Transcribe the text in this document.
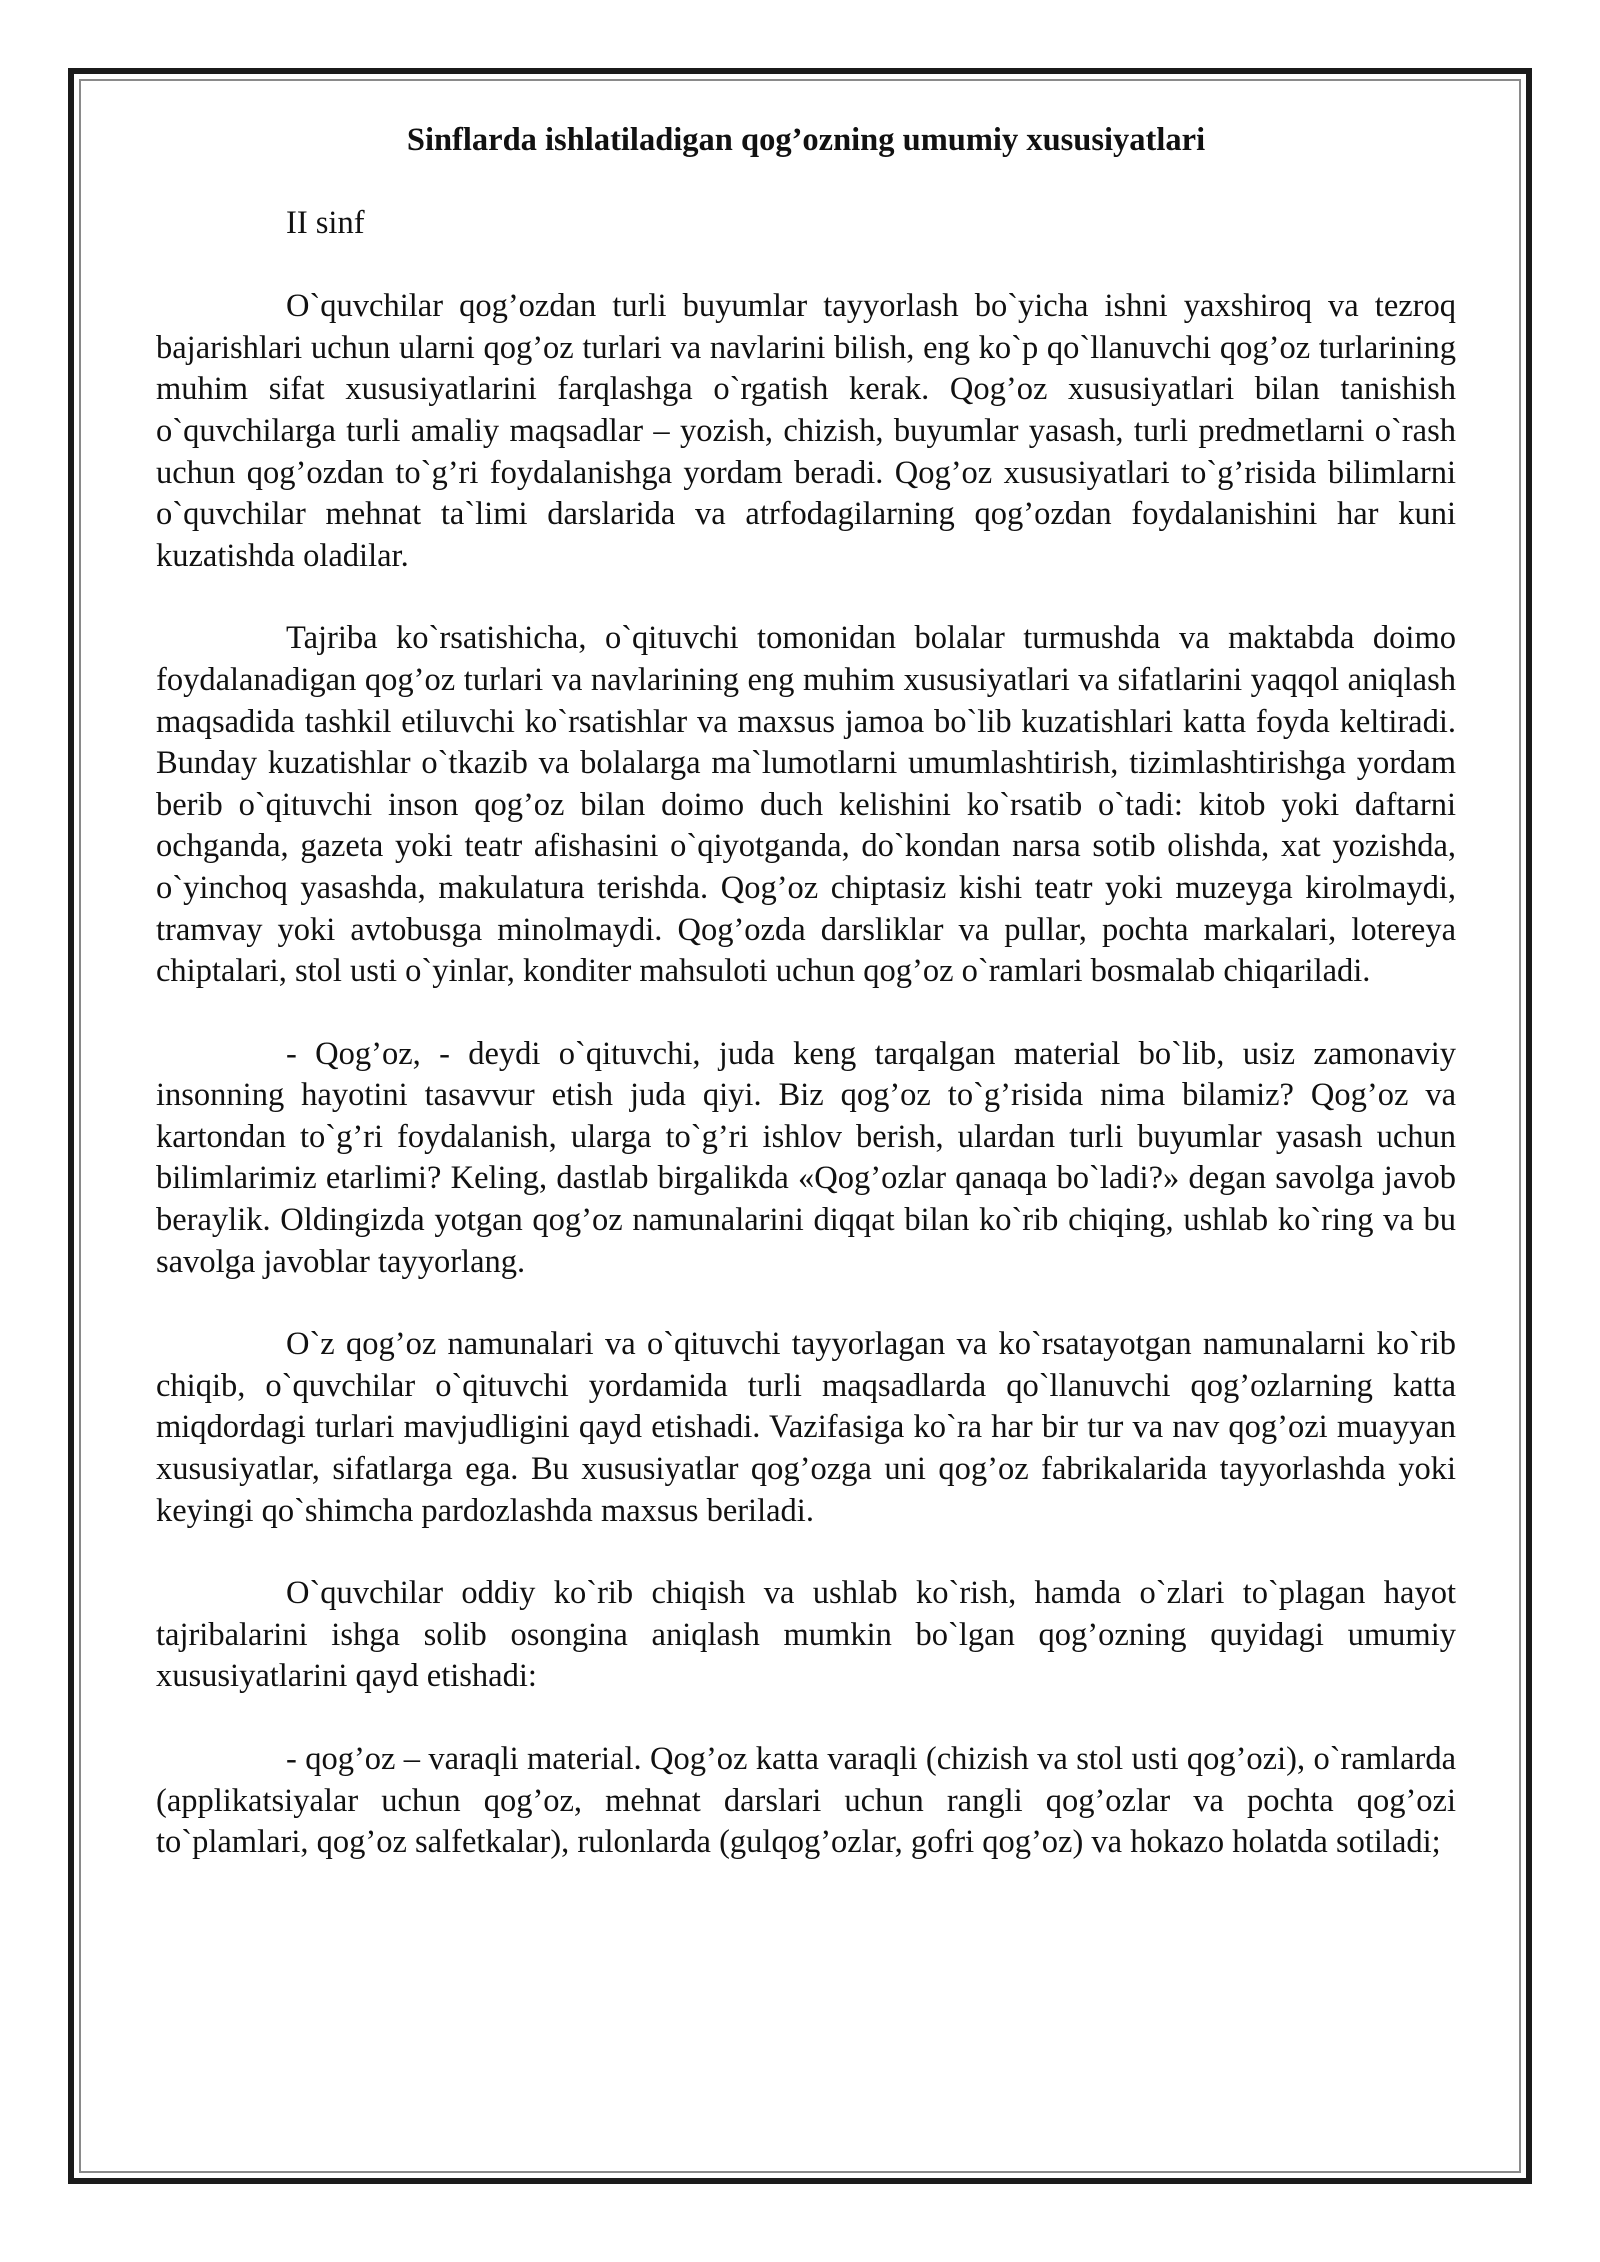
Sinflarda ishlatiladigan qog’ozning umumiy xususiyatlari

II sinf

O`quvchilar qog’ozdan turli buyumlar tayyorlash bo`yicha ishni yaxshiroq va tezroq bajarishlari uchun ularni qog’oz turlari va navlarini bilish, eng ko`p qo`llanuvchi qog’oz turlarining muhim sifat xususiyatlarini farqlashga o`rgatish kerak. Qog’oz xususiyatlari bilan tanishish o`quvchilarga turli amaliy maqsadlar – yozish, chizish, buyumlar yasash, turli predmetlarni o`rash uchun qog’ozdan to`g’ri foydalanishga yordam beradi. Qog’oz xususiyatlari to`g’risida bilimlarni o`quvchilar mehnat ta`limi darslarida va atrfodagilarning qog’ozdan foydalanishini har kuni kuzatishda oladilar.

Tajriba ko`rsatishicha, o`qituvchi tomonidan bolalar turmushda va maktabda doimo foydalanadigan qog’oz turlari va navlarining eng muhim xususiyatlari va sifatlarini yaqqol aniqlash maqsadida tashkil etiluvchi ko`rsatishlar va maxsus jamoa bo`lib kuzatishlari katta foyda keltiradi. Bunday kuzatishlar o`tkazib va bolalarga ma`lumotlarni umumlashtirish, tizimlashtirishga yordam berib o`qituvchi inson qog’oz bilan doimo duch kelishini ko`rsatib o`tadi: kitob yoki daftarni ochganda, gazeta yoki teatr afishasini o`qiyotganda, do`kondan narsa sotib olishda, xat yozishda, o`yinchoq yasashda, makulatura terishda. Qog’oz chiptasiz kishi teatr yoki muzeyga kirolmaydi, tramvay yoki avtobusga minolmaydi. Qog’ozda darsliklar va pullar, pochta markalari, lotereya chiptalari, stol usti o`yinlar, konditer mahsuloti uchun qog’oz o`ramlari bosmalab chiqariladi.

- Qog’oz, - deydi o`qituvchi, juda keng tarqalgan material bo`lib, usiz zamonaviy insonning hayotini tasavvur etish juda qiyi. Biz qog’oz to`g’risida nima bilamiz? Qog’oz va kartondan to`g’ri foydalanish, ularga to`g’ri ishlov berish, ulardan turli buyumlar yasash uchun bilimlarimiz etarlimi? Keling, dastlab birgalikda «Qog’ozlar qanaqa bo`ladi?» degan savolga javob beraylik. Oldingizda yotgan qog’oz namunalarini diqqat bilan ko`rib chiqing, ushlab ko`ring va bu savolga javoblar tayyorlang.

O`z qog’oz namunalari va o`qituvchi tayyorlagan va ko`rsatayotgan namunalarni ko`rib chiqib, o`quvchilar o`qituvchi yordamida turli maqsadlarda qo`llanuvchi qog’ozlarning katta miqdordagi turlari mavjudligini qayd etishadi. Vazifasiga ko`ra har bir tur va nav qog’ozi muayyan xususiyatlar, sifatlarga ega. Bu xususiyatlar qog’ozga uni qog’oz fabrikalarida tayyorlashda yoki keyingi qo`shimcha pardozlashda maxsus beriladi.

O`quvchilar oddiy ko`rib chiqish va ushlab ko`rish, hamda o`zlari to`plagan hayot tajribalarini ishga solib osongina aniqlash mumkin bo`lgan qog’ozning quyidagi umumiy xususiyatlarini qayd etishadi:

- qog’oz – varaqli material. Qog’oz katta varaqli (chizish va stol usti qog’ozi), o`ramlarda (applikatsiyalar uchun qog’oz, mehnat darslari uchun rangli qog’ozlar va pochta qog’ozi to`plamlari, qog’oz salfetkalar), rulonlarda (gulqog’ozlar, gofri qog’oz) va hokazo holatda sotiladi;
